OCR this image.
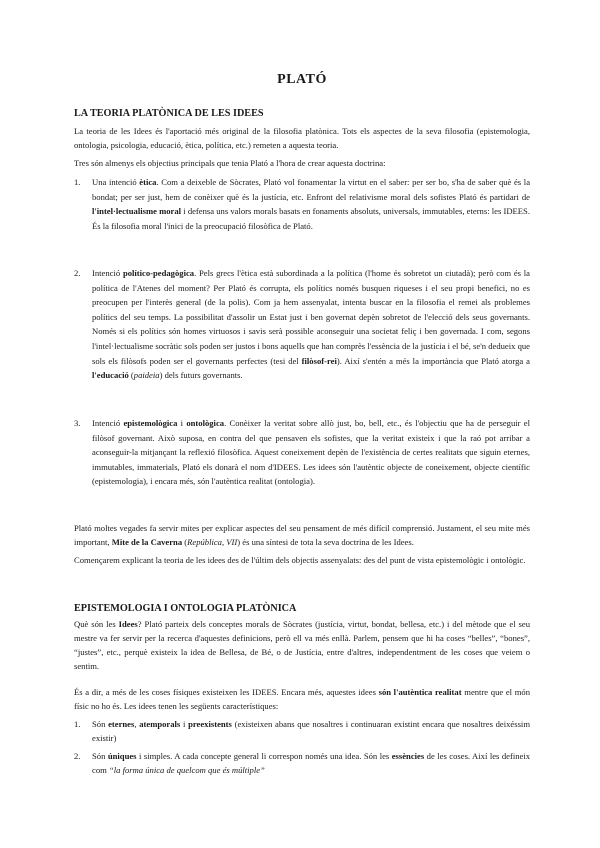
PLATÓ
LA TEORIA PLATÒNICA DE LES IDEES

La teoria de les Idees és l'aportació més original de la filosofia platònica. Tots els aspectes de la seva filosofia (epistemologia, ontologia, psicologia, educació, ètica, política, etc.) remeten a aquesta teoria.

Tres són almenys els objectius principals que tenia Plató a l'hora de crear aquesta doctrina:

1. Una intenció ètica. Com a deixeble de Sòcrates, Plató vol fonamentar la virtut en el saber: per ser bo, s'ha de saber què és la bondat; per ser just, hem de conèixer què és la justícia, etc. Enfront del relativisme moral dels sofistes Plató és partidari de l'intel·lectualisme moral i defensa uns valors morals basats en fonaments absoluts, universals, immutables, eterns: les IDEES. És la filosofia moral l'inici de la preocupació filosòfica de Plató.
2. Intenció político-pedagògica. Pels grecs l'ètica està subordinada a la política (l'home és sobretot un ciutadà); però com és la política de l'Atenes del moment? Per Plató és corrupta, els polítics només busquen riqueses i el seu propi benefici, no es preocupen per l'interès general (de la polis). Com ja hem assenyalat, intenta buscar en la filosofia el remei als problemes polítics del seu temps. La possibilitat d'assolir un Estat just i ben governat depèn sobretot de l'elecció dels seus governants. Només si els polítics són homes virtuosos i savis serà possible aconseguir una societat feliç i ben governada. I com, segons l'intel·lectualisme socràtic sols poden ser justos i bons aquells que han comprès l'essència de la justícia i el bé, se'n dedueix que sols els filòsofs poden ser el governants perfectes (tesi del filòsof-rei). Així s'entén a més la importància que Plató atorga a l'educació (paideia) dels futurs governants.
3. Intenció epistemològica i ontològica. Conèixer la veritat sobre allò just, bo, bell, etc., és l'objectiu que ha de perseguir el filòsof governant. Això suposa, en contra del que pensaven els sofistes, que la veritat existeix i que la raó pot arribar a aconseguir-la mitjançant la reflexió filosòfica. Aquest coneixement depèn de l'existència de certes realitats que siguin eternes, immutables, immaterials, Plató els donarà el nom d'IDEES. Les idees són l'autèntic objecte de coneixement, objecte científic (epistemologia), i encara més, són l'autèntica realitat (ontologia).

Plató moltes vegades fa servir mites per explicar aspectes del seu pensament de més difícil comprensió. Justament, el seu mite més important, Mite de la Caverna (República, VII) és una síntesi de tota la seva doctrina de les Idees.

Començarem explicant la teoria de les idees des de l'últim dels objectis assenyalats: des del punt de vista epistemològic i ontològic.

EPISTEMOLOGIA I ONTOLOGIA PLATÒNICA

Què són les Idees? Plató parteix dels conceptes morals de Sòcrates (justícia, virtut, bondat, bellesa, etc.) i del mètode que el seu mestre va fer servir per la recerca d'aquestes definicions, però ell va més enllà. Parlem, pensem que hi ha coses “belles”, “bones”, “justes”, etc., perquè existeix la idea de Bellesa, de Bé, o de Justícia, entre d'altres, independentment de les coses que veiem o sentim.

És a dir, a més de les coses físiques existeixen les IDEES. Encara més, aquestes idees són l'autèntica realitat mentre que el món físic no ho és. Les idees tenen les següents característiques:

1. Són eternes, atemporals i preexistents (existeixen abans que nosaltres i continuaran existint encara que nosaltres deixéssim existir)
2. Són úniques i simples. A cada concepte general li correspon només una idea. Són les essències de les coses. Així les defineix com “la forma única de quelcom que és múltiple”
